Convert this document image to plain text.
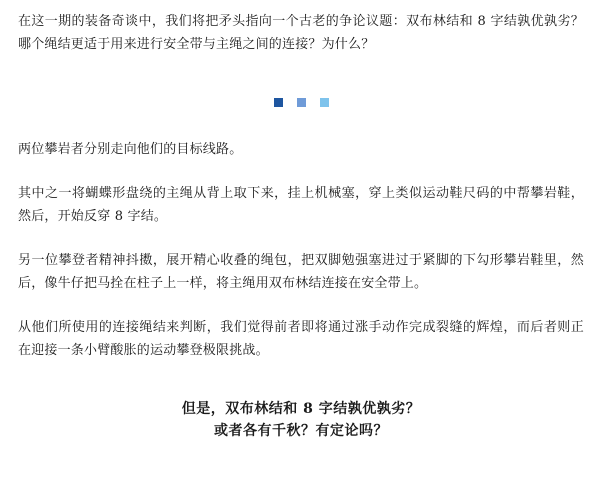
在这一期的装备奇谈中，我们将把矛头指向一个古老的争论议题：双布林结和 8 字结孰优孰劣？哪个绳结更适于用来进行安全带与主绳之间的连接？为什么？

两位攀岩者分别走向他们的目标线路。

其中之一将蝴蝶形盘绕的主绳从背上取下来，挂上机械塞，穿上类似运动鞋尺码的中帮攀岩鞋，然后，开始反穿 8 字结。

另一位攀登者精神抖擞，展开精心收叠的绳包，把双脚勉强塞进过于紧脚的下勾形攀岩鞋里，然后，像牛仔把马拴在柱子上一样，将主绳用双布林结连接在安全带上。

从他们所使用的连接绳结来判断，我们觉得前者即将通过涨手动作完成裂缝的辉煌，而后者则正在迎接一条小臂酸胀的运动攀登极限挑战。

但是，双布林结和 8 字结孰优孰劣？
或者各有千秋？有定论吗？
